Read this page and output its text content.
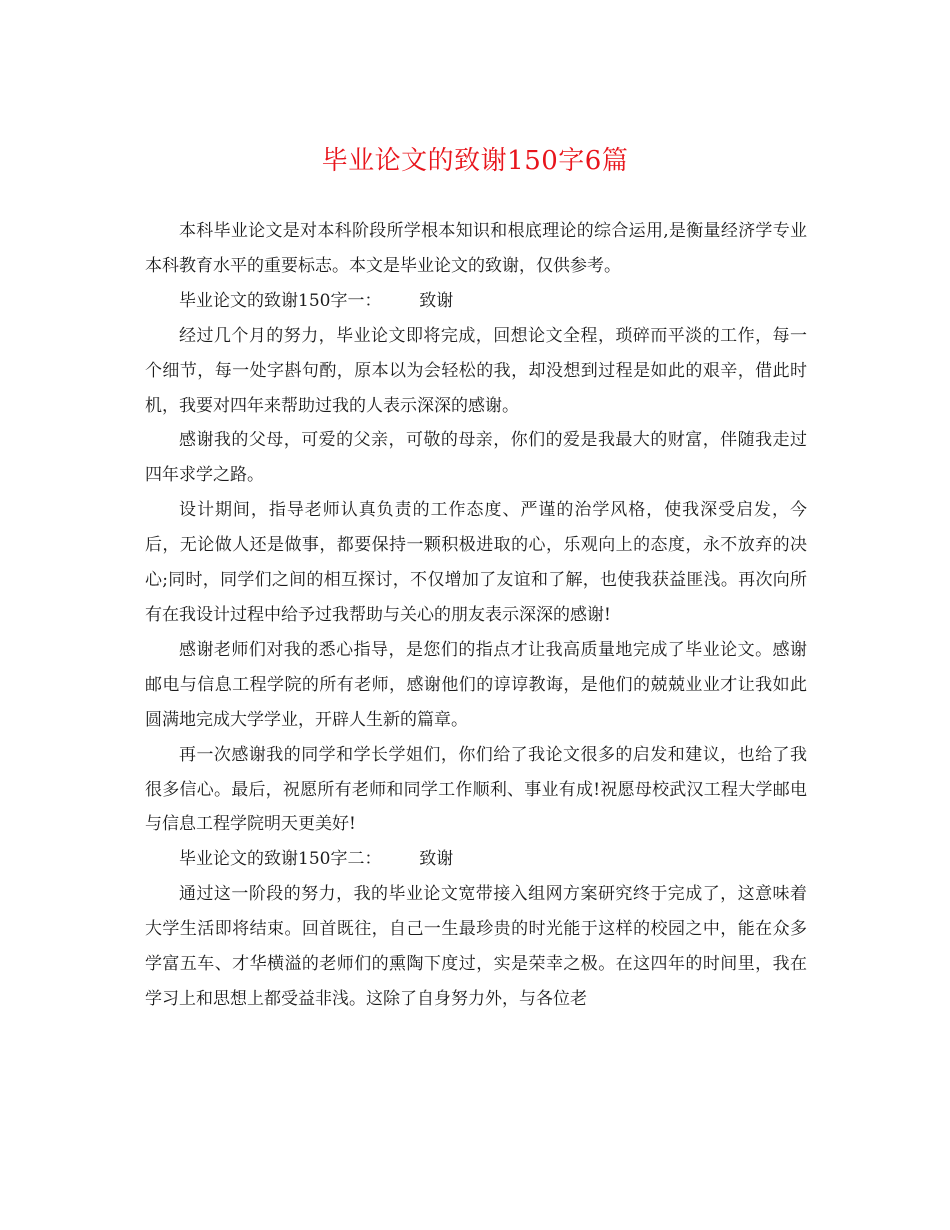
毕业论文的致谢150字6篇

本科毕业论文是对本科阶段所学根本知识和根底理论的综合运用,是衡量经济学专业本科教育水平的重要标志。本文是毕业论文的致谢，仅供参考。

毕业论文的致谢150字一：       致谢

经过几个月的努力，毕业论文即将完成，回想论文全程，琐碎而平淡的工作，每一个细节，每一处字斟句酌，原本以为会轻松的我，却没想到过程是如此的艰辛，借此时机，我要对四年来帮助过我的人表示深深的感谢。

感谢我的父母，可爱的父亲，可敬的母亲，你们的爱是我最大的财富，伴随我走过四年求学之路。

设计期间，指导老师认真负责的工作态度、严谨的治学风格，使我深受启发，今后，无论做人还是做事，都要保持一颗积极进取的心，乐观向上的态度，永不放弃的决心;同时，同学们之间的相互探讨，不仅增加了友谊和了解，也使我获益匪浅。再次向所有在我设计过程中给予过我帮助与关心的朋友表示深深的感谢!

感谢老师们对我的悉心指导，是您们的指点才让我高质量地完成了毕业论文。感谢邮电与信息工程学院的所有老师，感谢他们的谆谆教诲，是他们的兢兢业业才让我如此圆满地完成大学学业，开辟人生新的篇章。

再一次感谢我的同学和学长学姐们，你们给了我论文很多的启发和建议，也给了我很多信心。最后，祝愿所有老师和同学工作顺利、事业有成!祝愿母校武汉工程大学邮电与信息工程学院明天更美好!

毕业论文的致谢150字二：       致谢

通过这一阶段的努力，我的毕业论文宽带接入组网方案研究终于完成了，这意味着大学生活即将结束。回首既往，自己一生最珍贵的时光能于这样的校园之中，能在众多学富五车、才华横溢的老师们的熏陶下度过，实是荣幸之极。在这四年的时间里，我在学习上和思想上都受益非浅。这除了自身努力外，与各位老
